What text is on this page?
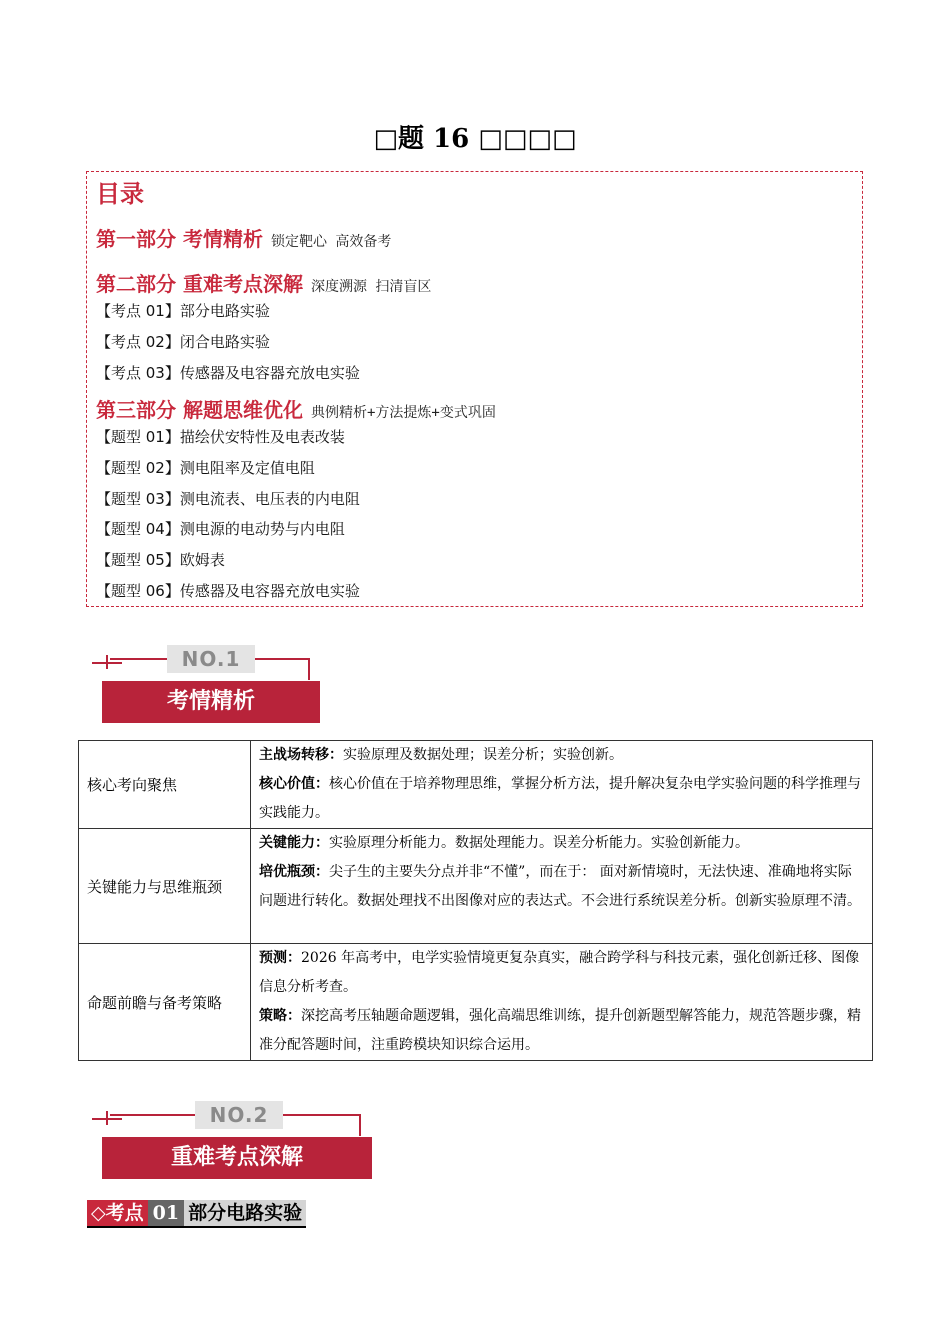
□题 16 □□□□
目录
第一部分 考情精析 锁定靶心 高效备考
第二部分 重难考点深解 深度溯源 扫清盲区
【考点 01】部分电路实验
【考点 02】闭合电路实验
【考点 03】传感器及电容器充放电实验
第三部分 解题思维优化 典例精析+方法提炼+变式巩固
【题型 01】描绘伏安特性及电表改装
【题型 02】测电阻率及定值电阻
【题型 03】测电流表、电压表的内电阻
【题型 04】测电源的电动势与内电阻
【题型 05】欧姆表
【题型 06】传感器及电容器充放电实验
NO.1
考情精析
核心考向聚焦	主战场转移：实验原理及数据处理；误差分析；实验创新。
核心价值：核心价值在于培养物理思维，掌握分析方法，提升解决复杂电学实验问题的科学推理与实践能力。

关键能力与思维瓶颈	关键能力：实验原理分析能力。数据处理能力。误差分析能力。实验创新能力。
培优瓶颈：尖子生的主要失分点并非“不懂”，而在于： 面对新情境时，无法快速、准确地将实际问题进行转化。数据处理找不出图像对应的表达式。不会进行系统误差分析。创新实验原理不清。

命题前瞻与备考策略	预测：2026 年高考中，电学实验情境更复杂真实，融合跨学科与科技元素，强化创新迁移、图像信息分析考查。
策略：深挖高考压轴题命题逻辑，强化高端思维训练，提升创新题型解答能力，规范答题步骤，精准分配答题时间，注重跨模块知识综合运用。
NO.2
重难考点深解
◇考点 01 部分电路实验
